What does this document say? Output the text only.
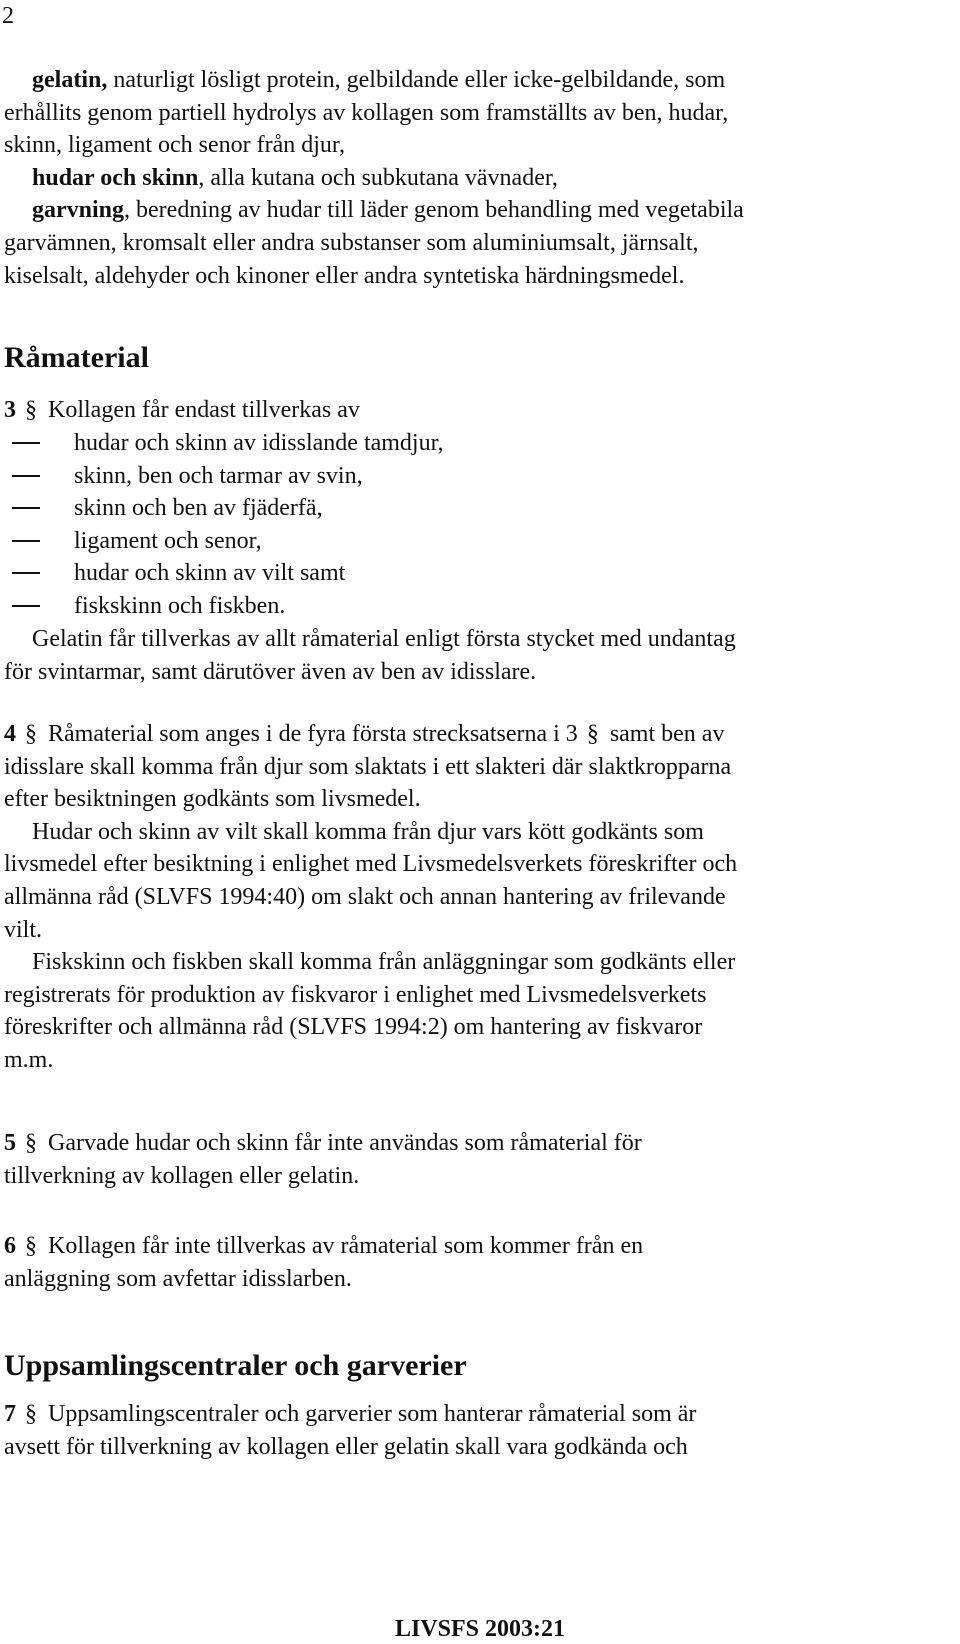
2
gelatin, naturligt lösligt protein, gelbildande eller icke-gelbildande, som
erhållits genom partiell hydrolys av kollagen som framställts av ben, hudar,
skinn, ligament och senor från djur,
hudar och skinn, alla kutana och subkutana vävnader,
garvning, beredning av hudar till läder genom behandling med vegetabila
garvämnen, kromsalt eller andra substanser som aluminiumsalt, järnsalt,
kiselsalt, aldehyder och kinoner eller andra syntetiska härdningsmedel.
Råmaterial
3 § Kollagen får endast tillverkas av
hudar och skinn av idisslande tamdjur,
skinn, ben och tarmar av svin,
skinn och ben av fjäderfä,
ligament och senor,
hudar och skinn av vilt samt
fiskskinn och fiskben.
Gelatin får tillverkas av allt råmaterial enligt första stycket med undantag
för svintarmar, samt därutöver även av ben av idisslare.
4 § Råmaterial som anges i de fyra första strecksatserna i 3 § samt ben av
idisslare skall komma från djur som slaktats i ett slakteri där slaktkropparna
efter besiktningen godkänts som livsmedel.
Hudar och skinn av vilt skall komma från djur vars kött godkänts som
livsmedel efter besiktning i enlighet med Livsmedelsverkets föreskrifter och
allmänna råd (SLVFS 1994:40) om slakt och annan hantering av frilevande
vilt.
Fiskskinn och fiskben skall komma från anläggningar som godkänts eller
registrerats för produktion av fiskvaror i enlighet med Livsmedelsverkets
föreskrifter och allmänna råd (SLVFS 1994:2) om hantering av fiskvaror
m.m.
5 § Garvade hudar och skinn får inte användas som råmaterial för
tillverkning av kollagen eller gelatin.
6 § Kollagen får inte tillverkas av råmaterial som kommer från en
anläggning som avfettar idisslarben.
Uppsamlingscentraler och garverier
7 § Uppsamlingscentraler och garverier som hanterar råmaterial som är
avsett för tillverkning av kollagen eller gelatin skall vara godkända och
LIVSFS 2003:21
